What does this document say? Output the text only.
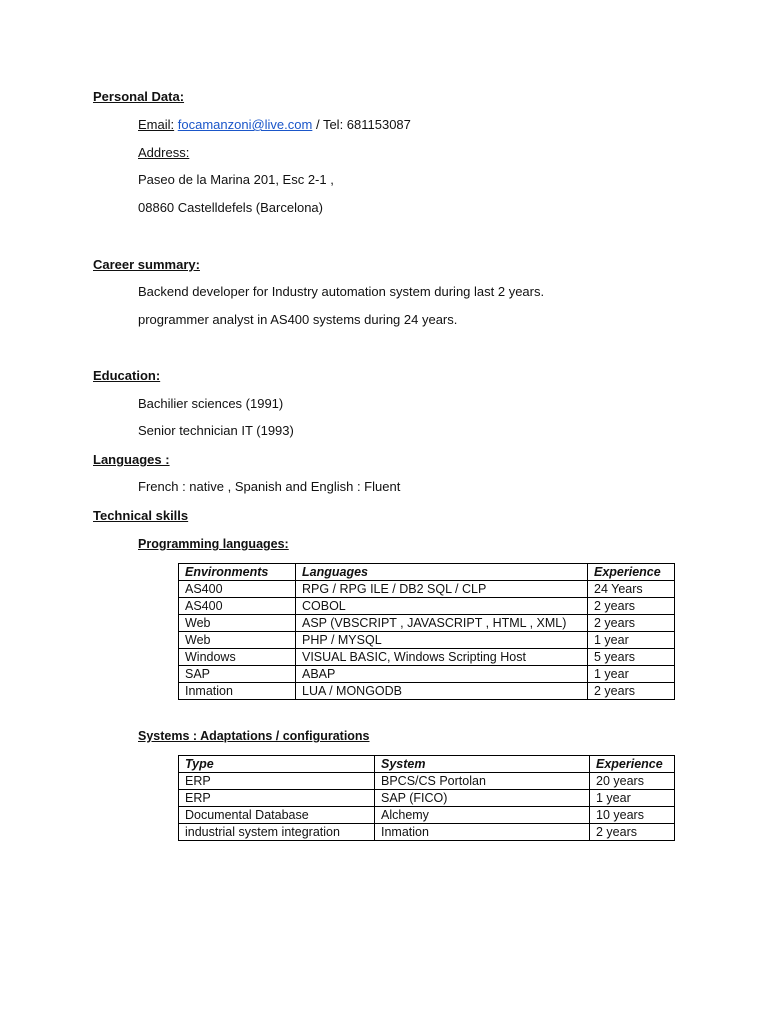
Personal Data:
Email: focamanzoni@live.com / Tel: 681153087
Address:
Paseo de la Marina 201, Esc 2-1 ,
08860 Castelldefels (Barcelona)
Career summary:
Backend developer for Industry automation system during last 2 years.
programmer analyst in AS400 systems during 24 years.
Education:
Bachilier sciences (1991)
Senior technician IT (1993)
Languages :
French : native , Spanish and English : Fluent
Technical skills
Programming languages:
Environments	Languages	Experience
AS400	RPG / RPG ILE / DB2 SQL / CLP	24 Years
AS400	COBOL	2 years
Web	ASP (VBSCRIPT , JAVASCRIPT , HTML , XML)	2 years
Web	PHP / MYSQL	1 year
Windows	VISUAL BASIC, Windows Scripting Host	5 years
SAP	ABAP	1 year
Inmation	LUA / MONGODB	2 years
Systems : Adaptations / configurations
Type	System	Experience
ERP	BPCS/CS Portolan	20 years
ERP	SAP (FICO)	1 year
Documental Database	Alchemy	10 years
industrial system integration	Inmation	2 years
